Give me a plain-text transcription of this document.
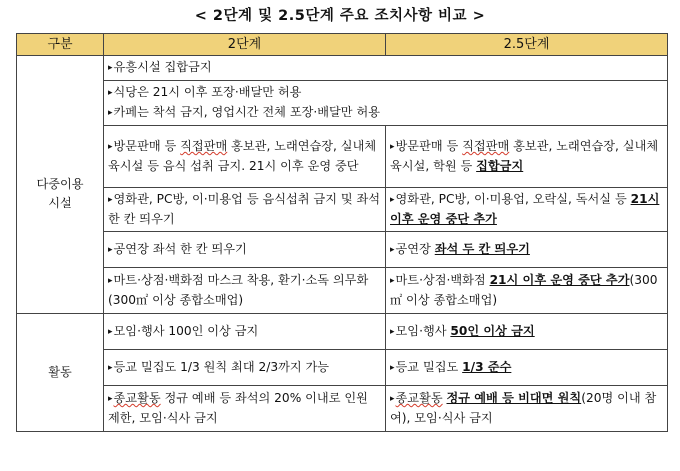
< 2단계 및 2.5단계 주요 조치사항 비교 >
구분	2단계	2.5단계

다중이용
시설	▸유흥시설 집합금지	

	▸식당은 21시 이후 포장·배달만 허용
▸카페는 착석 금지, 영업시간 전체 포장·배달만 허용	

	▸방문판매 등 직접판매 홍보관, 노래연습장, 실내체육시설 등 음식 섭취 금지. 21시 이후 운영 중단	▸방문판매 등 직접판매 홍보관, 노래연습장, 실내체육시설, 학원 등 집합금지
	▸영화관, PC방, 이·미용업 등 음식섭취 금지 및 좌석 한 칸 띄우기	▸영화관, PC방, 이·미용업, 오락실, 독서실 등 21시 이후 운영 중단 추가
	▸공연장 좌석 한 칸 띄우기	▸공연장 좌석 두 칸 띄우기
	▸마트·상점·백화점 마스크 착용, 환기·소독 의무화(300㎡ 이상 종합소매업)	▸마트·상점·백화점 21시 이후 운영 중단 추가(300㎡ 이상 종합소매업)
활동	▸모임·행사 100인 이상 금지	▸모임·행사 50인 이상 금지
	▸등교 밀집도 1/3 원칙 최대 2/3까지 가능	▸등교 밀집도 1/3 준수
	▸종교활동 정규 예배 등 좌석의 20% 이내로 인원 제한, 모임·식사 금지	▸종교활동 정규 예배 등 비대면 원칙(20명 이내 참여), 모임·식사 금지
